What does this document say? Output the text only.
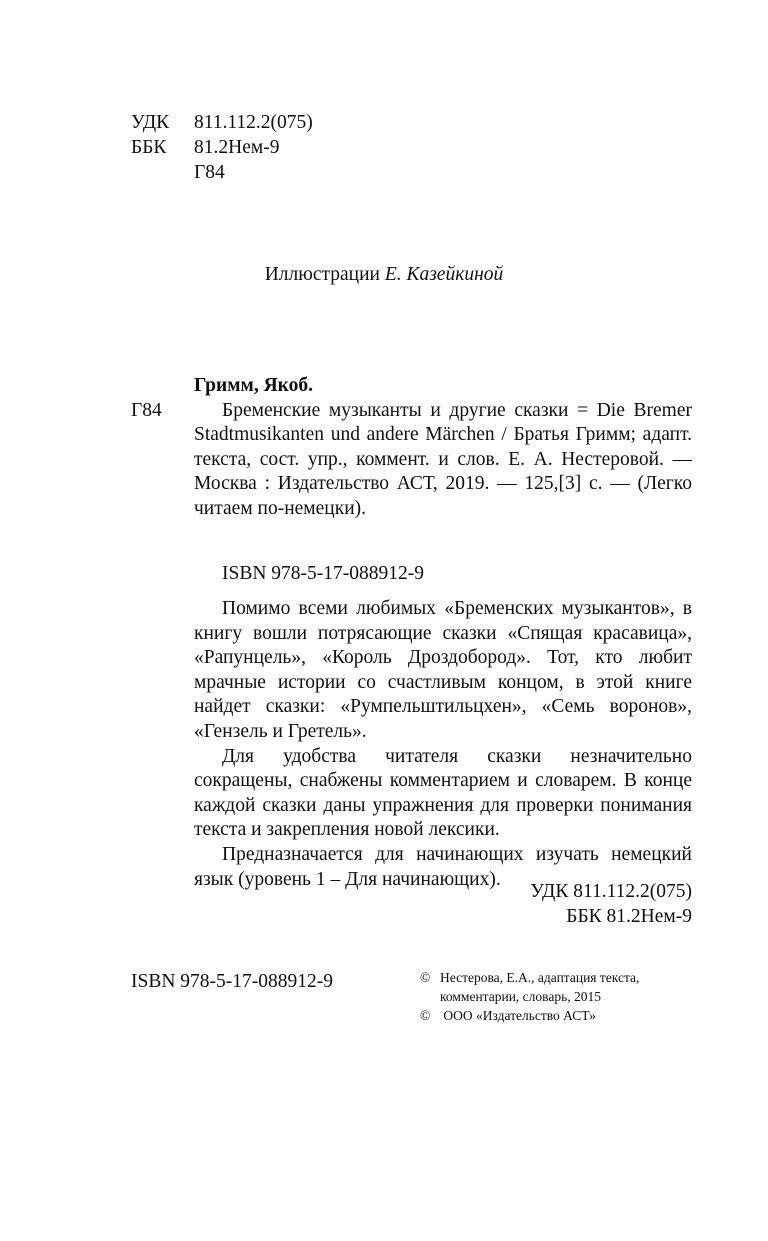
УДК	811.112.2(075)
ББК	81.2Нем-9
Г84
Иллюстрации Е. Казейкиной
Гримм, Якоб.
Г84	Бременские музыканты и другие сказки = Die Bremer Stadtmusikanten und andere Märchen / Братья Гримм; адапт. текста, сост. упр., коммент. и слов. Е. А. Нестеровой. — Москва : Издательство АСТ, 2019. — 125,[3] с. — (Легко читаем по-немецки).
ISBN 978-5-17-088912-9

Помимо всеми любимых «Бременских музыкантов», в книгу вошли потрясающие сказки «Спящая красавица», «Рапунцель», «Король Дроздобород». Тот, кто любит мрачные истории со счастливым концом, в этой книге найдет сказки: «Румпельштильцхен», «Семь воронов», «Гензель и Гретель».

Для удобства читателя сказки незначительно сокращены, снабжены комментарием и словарем. В конце каждой сказки даны упражнения для проверки понимания текста и закрепления новой лексики.

Предназначается для начинающих изучать немецкий язык (уровень 1 – Для начинающих).

УДК 811.112.2(075)
ББК 81.2Нем-9
ISBN 978-5-17-088912-9	© Нестерова, Е.А., адаптация текста,
комментарии, словарь, 2015
© ООО «Издательство АСТ»
